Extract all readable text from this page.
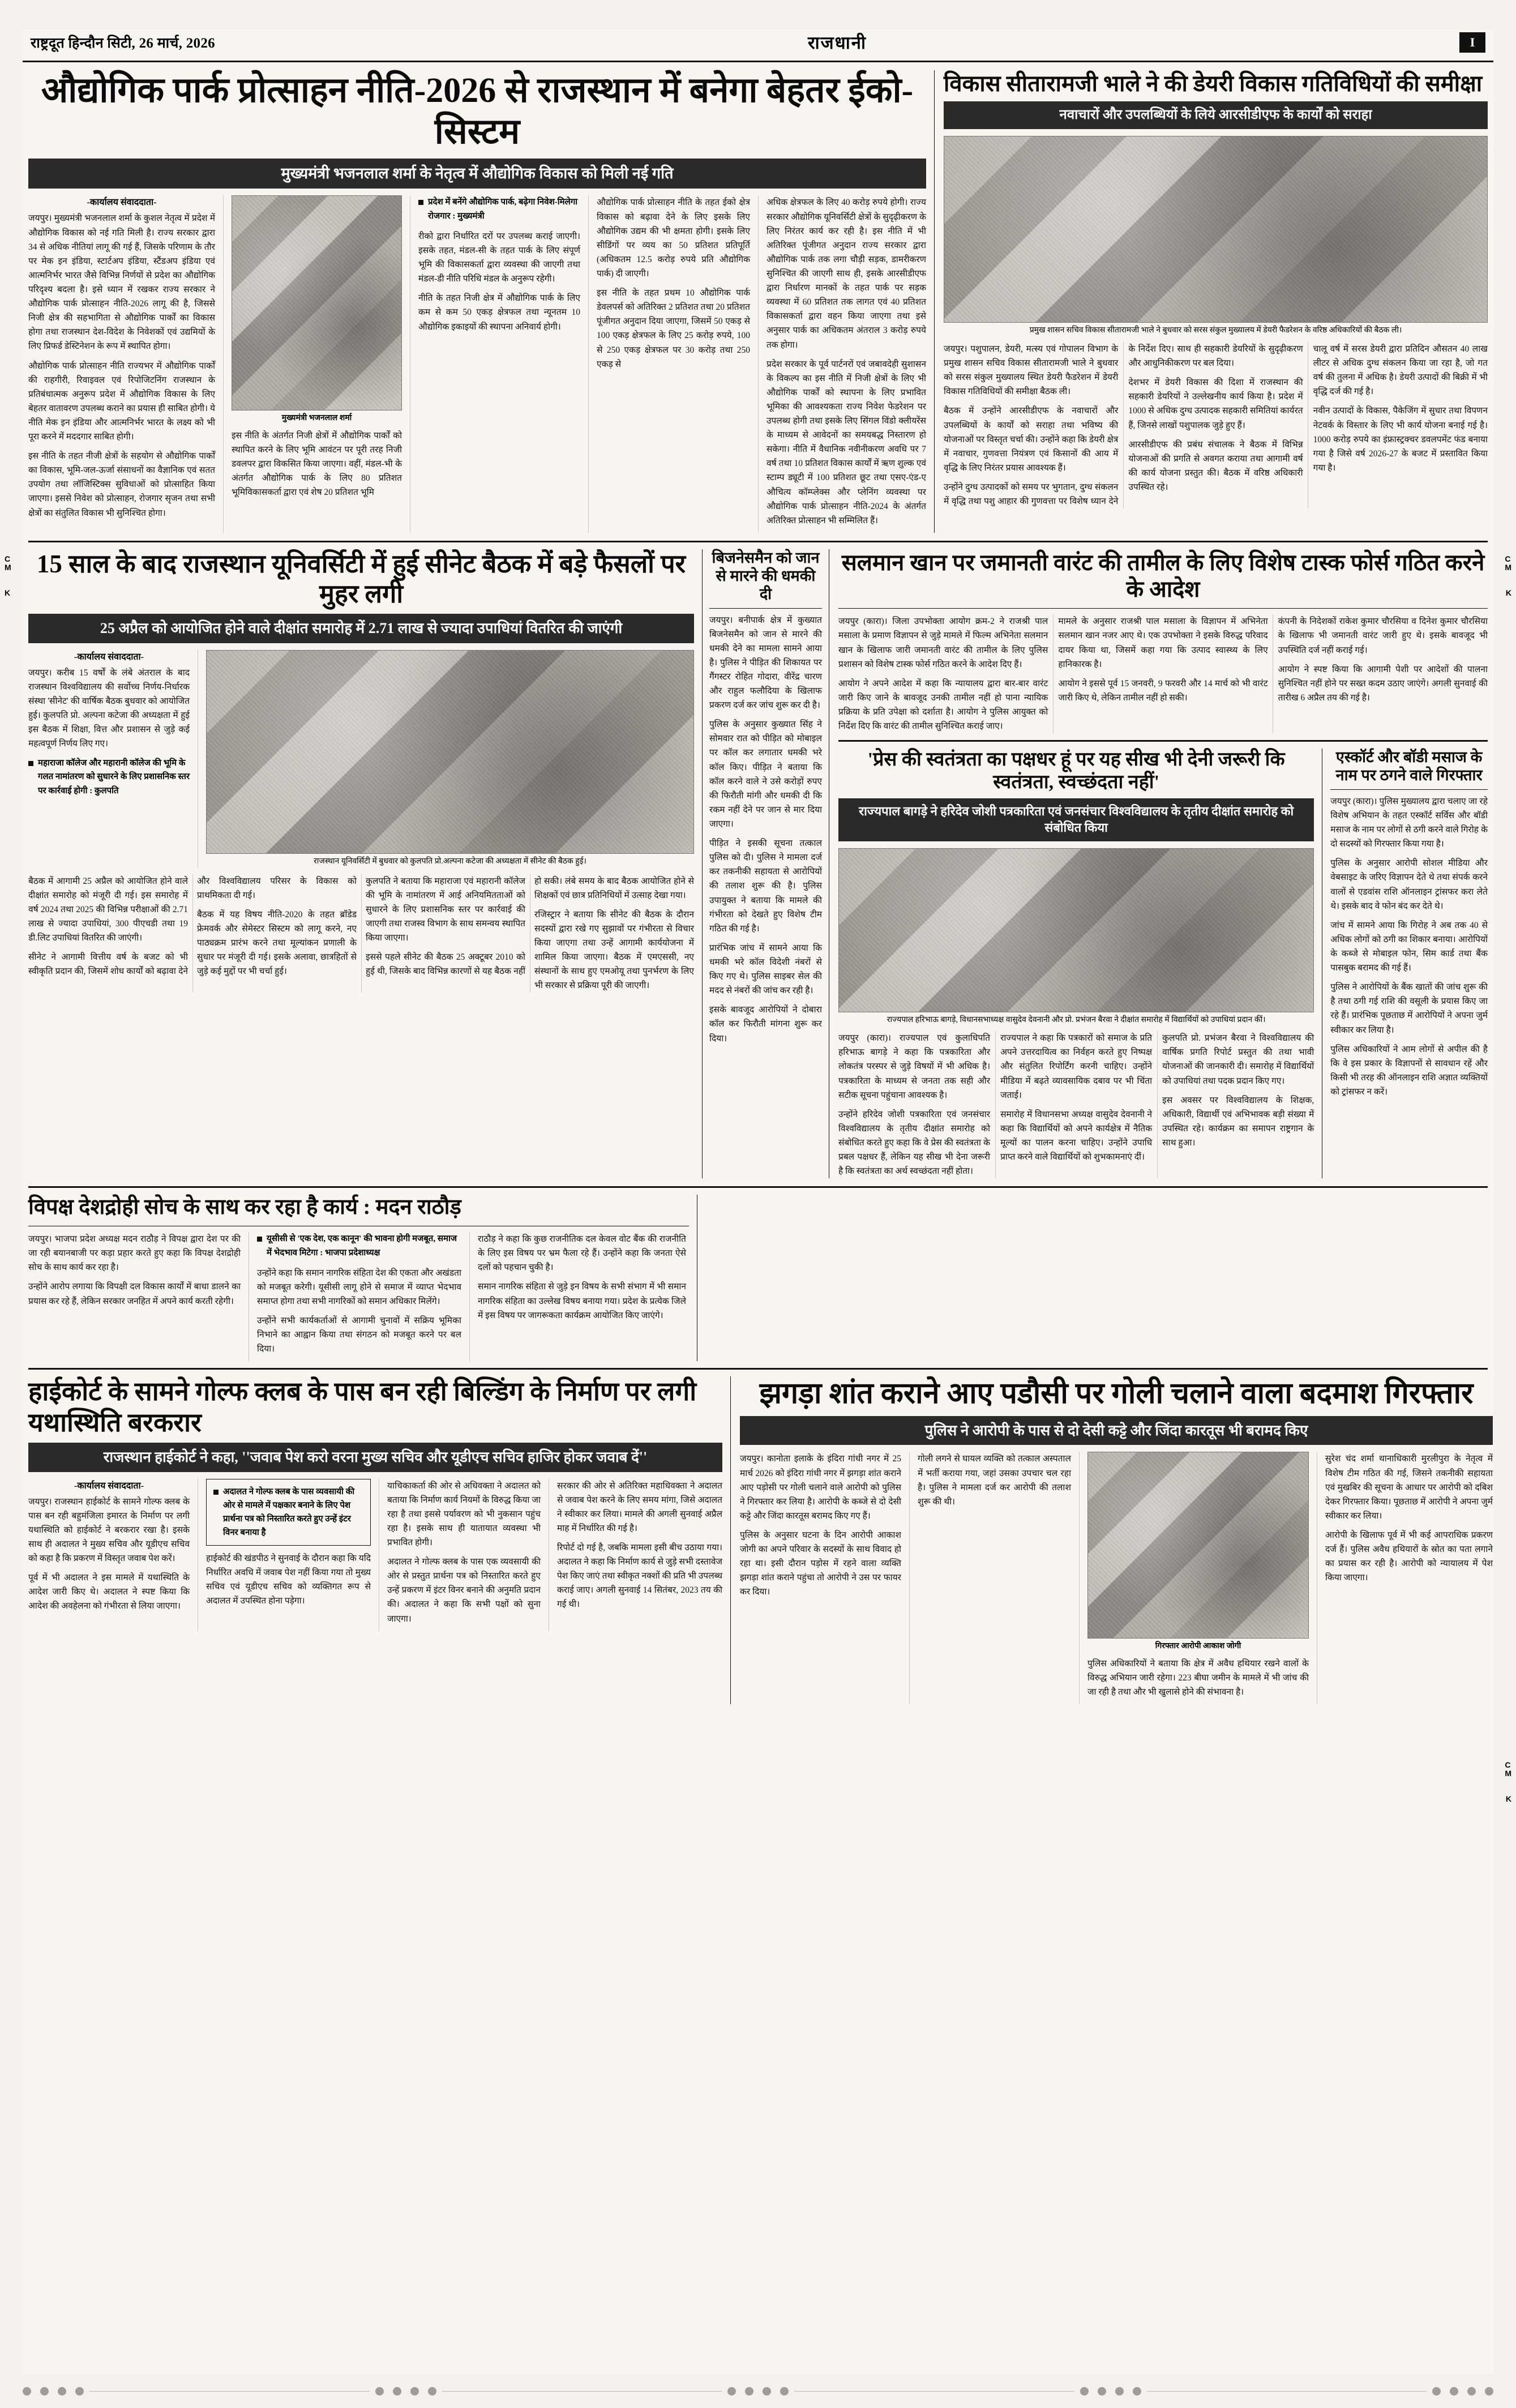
राष्ट्रदूत हिन्दौन सिटी, 26 मार्च, 2026	राजधानी	I
औद्योगिक पार्क प्रोत्साहन नीति-2026 से राजस्थान में बनेगा बेहतर ईको-सिस्टम
मुख्यमंत्री भजनलाल शर्मा के नेतृत्व में औद्योगिक विकास को मिली नई गति
-कार्यालय संवाददाता-

जयपुर। मुख्यमंत्री भजनलाल शर्मा के कुशल नेतृत्व में प्रदेश में औद्योगिक विकास को नई गति मिली है। राज्य सरकार द्वारा 34 से अधिक नीतियां लागू की गई हैं, जिसके परिणाम के तौर पर मेक इन इंडिया, स्टार्टअप इंडिया, स्टैंडअप इंडिया एवं आत्मनिर्भर भारत जैसे विभिन्न निर्णयों से प्रदेश का औद्योगिक परिदृश्य बदला है। इसे ध्यान में रखकर राज्य सरकार ने औद्योगिक पार्क प्रोत्साहन नीति-2026 लागू की है, जिससे निजी क्षेत्र की सहभागिता से औद्योगिक पार्कों का विकास होगा तथा राजस्थान देश-विदेश के निवेशकों एवं उद्यमियों के लिए प्रिफर्ड डेस्टिनेशन के रूप में स्थापित होगा।

औद्योगिक पार्क प्रोत्साहन नीति राज्यभर में औद्योगिक पार्कों की राहगीरी, रिवाइवल एवं रिपोजिटनिंग राजस्थान के प्रतिबंधात्मक अनुरूप प्रदेश में औद्योगिक विकास के लिए बेहतर वातावरण उपलब्ध कराने का प्रयास ही साबित होगी। ये नीति मेक इन इंडिया और आत्मनिर्भर भारत के लक्ष्य को भी पूरा करने में मददगार साबित होगी।

इस नीति के तहत नीजी क्षेत्रों के सहयोग से औद्योगिक पार्कों का विकास, भूमि-जल-ऊर्जा संसाधनों का वैज्ञानिक एवं सतत उपयोग तथा लॉजिस्टिक्स सुविधाओं को प्रोत्साहित किया जाएगा। इससे निवेश को प्रोत्साहन, रोजगार सृजन तथा सभी क्षेत्रों का संतुलित विकास भी सुनिश्चित होगा।

मुख्यमंत्री भजनलाल शर्मा

इस नीति के अंतर्गत निजी क्षेत्रों में औद्योगिक पार्कों को स्थापित करने के लिए भूमि आवंटन पर पूरी तरह निजी डवलपर द्वारा विकसित किया जाएगा। वहीं, मंडल-भी के अंतर्गत औद्योगिक पार्क के लिए 80 प्रतिशत भूमिविकासकर्ता द्वारा एवं शेष 20 प्रतिशत भूमि

प्रदेश में बनेंगे औद्योगिक पार्क, बढ़ेगा निवेश-मिलेगा रोजगार : मुख्यमंत्री

रीको द्वारा निर्धारित दरों पर उपलब्ध कराई जाएगी। इसके तहत, मंडल-सी के तहत पार्क के लिए संपूर्ण भूमि की विकासकर्ता द्वारा व्यवस्था की जाएगी तथा मंडल-डी नीति परिधि मंडल के अनुरूप रहेगी।

नीति के तहत निजी क्षेत्र में औद्योगिक पार्क के लिए कम से कम 50 एकड़ क्षेत्रफल तथा न्यूनतम 10 औद्योगिक इकाइयों की स्थापना अनिवार्य होगी।

औद्योगिक पार्क प्रोत्साहन नीति के तहत ईको क्षेत्र विकास को बढ़ावा देने के लिए इसके लिए औद्योगिक उद्यम की भी क्षमता होगी। इसके लिए सीडिंगों पर व्यय का 50 प्रतिशत प्रतिपूर्ति (अधिकतम 12.5 करोड़ रुपये प्रति औद्योगिक पार्क) दी जाएगी।

इस नीति के तहत प्रथम 10 औद्योगिक पार्क डेवलपर्स को अतिरिक्त 2 प्रतिशत तथा 20 प्रतिशत पूंजीगत अनुदान दिया जाएगा, जिसमें 50 एकड़ से 100 एकड़ क्षेत्रफल के लिए 25 करोड़ रुपये, 100 से 250 एकड़ क्षेत्रफल पर 30 करोड़ तथा 250 एकड़ से

अधिक क्षेत्रफल के लिए 40 करोड़ रुपये होगी। राज्य सरकार औद्योगिक यूनिवर्सिटी क्षेत्रों के सुदृढ़ीकरण के लिए निरंतर कार्य कर रही है। इस नीति में भी अतिरिक्त पूंजीगत अनुदान राज्य सरकार द्वारा औद्योगिक पार्क तक लगा चौड़ी सड़क, डामरीकरण सुनिश्चित की जाएगी साथ ही, इसके आरसीडीएफ द्वारा निर्धारण मानकों के तहत पार्क पर सड़क व्यवस्था में 60 प्रतिशत तक लागत एवं 40 प्रतिशत विकासकर्ता द्वारा वहन किया जाएगा तथा इसे अनुसार पार्क का अधिकतम अंतराल 3 करोड़ रुपये तक होगा।

प्रदेश सरकार के पूर्व पार्टनरों एवं जबावदेही सुशासन के विकल्प का इस नीति में निजी क्षेत्रों के लिए भी औद्योगिक पार्कों को स्थापना के लिए प्रभावित भूमिका की आवश्यकता राज्य निवेश फेडरेशन पर उपलब्ध होगी तथा इसके लिए सिंगल विंडो क्लीयरेंस के माध्यम से आवेदनों का समयबद्ध निस्तारण हो सकेगा। नीति में वैधानिक नवीनीकरण अवधि पर 7 वर्ष तथा 10 प्रतिशत विकास कार्यों में ऋण शुल्क एवं स्टाम्प ड्यूटी में 100 प्रतिशत छूट तथा एसए-एंड-ए औचित्य कॉम्प्लेक्स और प्लेनिंग व्यवस्था पर औद्योगिक पार्क प्रोत्साहन नीति-2024 के अंतर्गत अतिरिक्त प्रोत्साहन भी सम्मिलित हैं।

विकास सीतारामजी भाले ने की डेयरी विकास गतिविधियों की समीक्षा
नवाचारों और उपलब्धियों के लिये आरसीडीएफ के कार्यों को सराहा
प्रमुख शासन सचिव विकास सीतारामजी भाले ने बुधवार को सरस संकुल मुख्यालय में डेयरी फैडरेशन के वरिष्ठ अधिकारियों की बैठक ली।

जयपुर। पशुपालन, डेयरी, मत्स्य एवं गोपालन विभाग के प्रमुख शासन सचिव विकास सीतारामजी भाले ने बुधवार को सरस संकुल मुख्यालय स्थित डेयरी फैडरेशन में डेयरी विकास गतिविधियों की समीक्षा बैठक ली।

बैठक में उन्होंने आरसीडीएफ के नवाचारों और उपलब्धियों के कार्यों को सराहा तथा भविष्य की योजनाओं पर विस्तृत चर्चा की। उन्होंने कहा कि डेयरी क्षेत्र में नवाचार, गुणवत्ता नियंत्रण एवं किसानों की आय में वृद्धि के लिए निरंतर प्रयास आवश्यक हैं।

उन्होंने दुग्ध उत्पादकों को समय पर भुगतान, दुग्ध संकलन में वृद्धि तथा पशु आहार की गुणवत्ता पर विशेष ध्यान देने के निर्देश दिए। साथ ही सहकारी डेयरियों के सुदृढ़ीकरण और आधुनिकीकरण पर बल दिया।

देशभर में डेयरी विकास की दिशा में राजस्थान की सहकारी डेयरियों ने उल्लेखनीय कार्य किया है। प्रदेश में 1000 से अधिक दुग्ध उत्पादक सहकारी समितियां कार्यरत हैं, जिनसे लाखों पशुपालक जुड़े हुए हैं।

आरसीडीएफ की प्रबंध संचालक ने बैठक में विभिन्न योजनाओं की प्रगति से अवगत कराया तथा आगामी वर्ष की कार्य योजना प्रस्तुत की। बैठक में वरिष्ठ अधिकारी उपस्थित रहे।

चालू वर्ष में सरस डेयरी द्वारा प्रतिदिन औसतन 40 लाख लीटर से अधिक दुग्ध संकलन किया जा रहा है, जो गत वर्ष की तुलना में अधिक है। डेयरी उत्पादों की बिक्री में भी वृद्धि दर्ज की गई है।

नवीन उत्पादों के विकास, पैकेजिंग में सुधार तथा विपणन नेटवर्क के विस्तार के लिए भी कार्य योजना बनाई गई है। 1000 करोड़ रुपये का इंफ्रास्ट्रक्चर डवलपमेंट फंड बनाया गया है जिसे वर्ष 2026-27 के बजट में प्रस्तावित किया गया है।

15 साल के बाद राजस्थान यूनिवर्सिटी में हुई सीनेट बैठक में बड़े फैसलों पर मुहर लगी
25 अप्रैल को आयोजित होने वाले दीक्षांत समारोह में 2.71 लाख से ज्यादा उपाधियां वितरित की जाएंगी
-कार्यालय संवाददाता-

जयपुर। करीब 15 वर्षों के लंबे अंतराल के बाद राजस्थान विश्वविद्यालय की सर्वोच्च निर्णय-निर्धारक संस्था 'सीनेट' की वार्षिक बैठक बुधवार को आयोजित हुई। कुलपति प्रो. अल्पना कटेजा की अध्यक्षता में हुई इस बैठक में शिक्षा, वित्त और प्रशासन से जुड़े कई महत्वपूर्ण निर्णय लिए गए।

महाराजा कॉलेज और महारानी कॉलेज की भूमि के गलत नामांतरण को सुधारने के लिए प्रशासनिक स्तर पर कार्रवाई होगी : कुलपति
राजस्थान यूनिवर्सिटी में बुधवार को कुलपति प्रो.अल्पना कटेजा की अध्यक्षता में सीनेट की बैठक हुई।

बैठक में आगामी 25 अप्रैल को आयोजित होने वाले दीक्षांत समारोह को मंजूरी दी गई। इस समारोह में वर्ष 2024 तथा 2025 की विभिन्न परीक्षाओं की 2.71 लाख से ज्यादा उपाधियां, 300 पीएचडी तथा 19 डी.लिट उपाधियां वितरित की जाएंगी।

सीनेट ने आगामी वित्तीय वर्ष के बजट को भी स्वीकृति प्रदान की, जिसमें शोध कार्यों को बढ़ावा देने और विश्वविद्यालय परिसर के विकास को प्राथमिकता दी गई।

बैठक में यह विषय नीति-2020 के तहत ब्रॉडेड फ्रेमवर्क और सेमेस्टर सिस्टम को लागू करने, नए पाठ्यक्रम प्रारंभ करने तथा मूल्यांकन प्रणाली के सुधार पर मंजूरी दी गई। इसके अलावा, छात्रहितों से जुड़े कई मुद्दों पर भी चर्चा हुई।

कुलपति ने बताया कि महाराजा एवं महारानी कॉलेज की भूमि के नामांतरण में आई अनियमितताओं को सुधारने के लिए प्रशासनिक स्तर पर कार्रवाई की जाएगी तथा राजस्व विभाग के साथ समन्वय स्थापित किया जाएगा।

इससे पहले सीनेट की बैठक 25 अक्टूबर 2010 को हुई थी, जिसके बाद विभिन्न कारणों से यह बैठक नहीं हो सकी। लंबे समय के बाद बैठक आयोजित होने से शिक्षकों एवं छात्र प्रतिनिधियों में उत्साह देखा गया।

रजिस्ट्रार ने बताया कि सीनेट की बैठक के दौरान सदस्यों द्वारा रखे गए सुझावों पर गंभीरता से विचार किया जाएगा तथा उन्हें आगामी कार्ययोजना में शामिल किया जाएगा। बैठक में एमएससी, नए संस्थानों के साथ हुए एमओयू तथा पुनर्भरण के लिए भी सरकार से प्रक्रिया पूरी की जाएगी।

बिजनेसमैन को जान से मारने की धमकी दी

जयपुर। बनीपार्क क्षेत्र में कुख्यात बिजनेसमैन को जान से मारने की धमकी देने का मामला सामने आया है। पुलिस ने पीड़ित की शिकायत पर गैंगस्टर रोहित गोदारा, वीरेंद्र चारण और राहुल फलौदिया के खिलाफ प्रकरण दर्ज कर जांच शुरू कर दी है।

पुलिस के अनुसार कुख्यात सिंह ने सोमवार रात को पीड़ित को मोबाइल पर कॉल कर लगातार धमकी भरे कॉल किए। पीड़ित ने बताया कि कॉल करने वाले ने उसे करोड़ों रुपए की फिरौती मांगी और धमकी दी कि रकम नहीं देने पर जान से मार दिया जाएगा।

पीड़ित ने इसकी सूचना तत्काल पुलिस को दी। पुलिस ने मामला दर्ज कर तकनीकी सहायता से आरोपियों की तलाश शुरू की है। पुलिस उपायुक्त ने बताया कि मामले की गंभीरता को देखते हुए विशेष टीम गठित की गई है।

प्रारंभिक जांच में सामने आया कि धमकी भरे कॉल विदेशी नंबरों से किए गए थे। पुलिस साइबर सेल की मदद से नंबरों की जांच कर रही है।

इसके बावजूद आरोपियों ने दोबारा कॉल कर फिरौती मांगना शुरू कर दिया।

सलमान खान पर जमानती वारंट की तामील के लिए विशेष टास्क फोर्स गठित करने के आदेश

जयपुर (कारा)। जिला उपभोक्ता आयोग क्रम-2 ने राजश्री पाल मसाला के प्रमाण विज्ञापन से जुड़े मामले में फिल्म अभिनेता सलमान खान के खिलाफ जारी जमानती वारंट की तामील के लिए पुलिस प्रशासन को विशेष टास्क फोर्स गठित करने के आदेश दिए हैं।

आयोग ने अपने आदेश में कहा कि न्यायालय द्वारा बार-बार वारंट जारी किए जाने के बावजूद उनकी तामील नहीं हो पाना न्यायिक प्रक्रिया के प्रति उपेक्षा को दर्शाता है। आयोग ने पुलिस आयुक्त को निर्देश दिए कि वारंट की तामील सुनिश्चित कराई जाए।

मामले के अनुसार राजश्री पाल मसाला के विज्ञापन में अभिनेता सलमान खान नजर आए थे। एक उपभोक्ता ने इसके विरुद्ध परिवाद दायर किया था, जिसमें कहा गया कि उत्पाद स्वास्थ्य के लिए हानिकारक है।

आयोग ने इससे पूर्व 15 जनवरी, 9 फरवरी और 14 मार्च को भी वारंट जारी किए थे, लेकिन तामील नहीं हो सकी।

कंपनी के निदेशकों राकेश कुमार चौरसिया व दिनेश कुमार चौरसिया के खिलाफ भी जमानती वारंट जारी हुए थे। इसके बावजूद भी उपस्थिति दर्ज नहीं कराई गई।

आयोग ने स्पष्ट किया कि आगामी पेशी पर आदेशों की पालना सुनिश्चित नहीं होने पर सख्त कदम उठाए जाएंगे। अगली सुनवाई की तारीख 6 अप्रैल तय की गई है।

'प्रेस की स्वतंत्रता का पक्षधर हूं पर यह सीख भी देनी जरूरी कि स्वतंत्रता, स्वच्छंदता नहीं'
राज्यपाल बागड़े ने हरिदेव जोशी पत्रकारिता एवं जनसंचार विश्वविद्यालय के तृतीय दीक्षांत समारोह को संबोधित किया
राज्यपाल हरिभाऊ बागड़े, विधानसभाध्यक्ष वासुदेव देवनानी और प्रो. प्रभंजन बैरवा ने दीक्षांत समारोह में विद्यार्थियों को उपाधियां प्रदान कीं।

जयपुर (कारा)। राज्यपाल एवं कुलाधिपति हरिभाऊ बागड़े ने कहा कि पत्रकारिता और लोकतंत्र परस्पर से जुड़े विषयों में भी अधिक है। पत्रकारिता के माध्यम से जनता तक सही और सटीक सूचना पहुंचाना आवश्यक है।

उन्होंने हरिदेव जोशी पत्रकारिता एवं जनसंचार विश्वविद्यालय के तृतीय दीक्षांत समारोह को संबोधित करते हुए कहा कि वे प्रेस की स्वतंत्रता के प्रबल पक्षधर हैं, लेकिन यह सीख भी देना जरूरी है कि स्वतंत्रता का अर्थ स्वच्छंदता नहीं होता।

राज्यपाल ने कहा कि पत्रकारों को समाज के प्रति अपने उत्तरदायित्व का निर्वहन करते हुए निष्पक्ष और संतुलित रिपोर्टिंग करनी चाहिए। उन्होंने मीडिया में बढ़ते व्यावसायिक दबाव पर भी चिंता जताई।

समारोह में विधानसभा अध्यक्ष वासुदेव देवनानी ने कहा कि विद्यार्थियों को अपने कार्यक्षेत्र में नैतिक मूल्यों का पालन करना चाहिए। उन्होंने उपाधि प्राप्त करने वाले विद्यार्थियों को शुभकामनाएं दीं।

कुलपति प्रो. प्रभंजन बैरवा ने विश्वविद्यालय की वार्षिक प्रगति रिपोर्ट प्रस्तुत की तथा भावी योजनाओं की जानकारी दी। समारोह में विद्यार्थियों को उपाधियां तथा पदक प्रदान किए गए।

इस अवसर पर विश्वविद्यालय के शिक्षक, अधिकारी, विद्यार्थी एवं अभिभावक बड़ी संख्या में उपस्थित रहे। कार्यक्रम का समापन राष्ट्रगान के साथ हुआ।

एस्कॉर्ट और बॉडी मसाज के नाम पर ठगने वाले गिरफ्तार

जयपुर (कारा)। पुलिस मुख्यालय द्वारा चलाए जा रहे विशेष अभियान के तहत एस्कॉर्ट सर्विस और बॉडी मसाज के नाम पर लोगों से ठगी करने वाले गिरोह के दो सदस्यों को गिरफ्तार किया गया है।

पुलिस के अनुसार आरोपी सोशल मीडिया और वेबसाइट के जरिए विज्ञापन देते थे तथा संपर्क करने वालों से एडवांस राशि ऑनलाइन ट्रांसफर करा लेते थे। इसके बाद वे फोन बंद कर देते थे।

जांच में सामने आया कि गिरोह ने अब तक 40 से अधिक लोगों को ठगी का शिकार बनाया। आरोपियों के कब्जे से मोबाइल फोन, सिम कार्ड तथा बैंक पासबुक बरामद की गई हैं।

पुलिस ने आरोपियों के बैंक खातों की जांच शुरू की है तथा ठगी गई राशि की वसूली के प्रयास किए जा रहे हैं। प्रारंभिक पूछताछ में आरोपियों ने अपना जुर्म स्वीकार कर लिया है।

पुलिस अधिकारियों ने आम लोगों से अपील की है कि वे इस प्रकार के विज्ञापनों से सावधान रहें और किसी भी तरह की ऑनलाइन राशि अज्ञात व्यक्तियों को ट्रांसफर न करें।

विपक्ष देशद्रोही सोच के साथ कर रहा है कार्य : मदन राठौड़

जयपुर। भाजपा प्रदेश अध्यक्ष मदन राठौड़ ने विपक्ष द्वारा देश पर की जा रही बयानबाजी पर कड़ा प्रहार करते हुए कहा कि विपक्ष देशद्रोही सोच के साथ कार्य कर रहा है।

उन्होंने आरोप लगाया कि विपक्षी दल विकास कार्यों में बाधा डालने का प्रयास कर रहे हैं, लेकिन सरकार जनहित में अपने कार्य करती रहेगी।

यूसीसी से 'एक देश, एक कानून' की भावना होगी मजबूत, समाज में भेदभाव मिटेगा : भाजपा प्रदेशाध्यक्ष

उन्होंने कहा कि समान नागरिक संहिता देश की एकता और अखंडता को मजबूत करेगी। यूसीसी लागू होने से समाज में व्याप्त भेदभाव समाप्त होगा तथा सभी नागरिकों को समान अधिकार मिलेंगे।

उन्होंने सभी कार्यकर्ताओं से आगामी चुनावों में सक्रिय भूमिका निभाने का आह्वान किया तथा संगठन को मजबूत करने पर बल दिया।

राठौड़ ने कहा कि कुछ राजनीतिक दल केवल वोट बैंक की राजनीति के लिए इस विषय पर भ्रम फैला रहे हैं। उन्होंने कहा कि जनता ऐसे दलों को पहचान चुकी है।

समान नागरिक संहिता से जुड़े इन विषय के सभी संभाग में भी समान नागरिक संहिता का उल्लेख विषय बनाया गया। प्रदेश के प्रत्येक जिले में इस विषय पर जागरूकता कार्यक्रम आयोजित किए जाएंगे।

हाईकोर्ट के सामने गोल्फ क्लब के पास बन रही बिल्डिंग के निर्माण पर लगी यथास्थिति बरकरार
राजस्थान हाईकोर्ट ने कहा, ''जवाब पेश करो वरना मुख्य सचिव और यूडीएच सचिव हाजिर होकर जवाब दें''
-कार्यालय संवाददाता-

जयपुर। राजस्थान हाईकोर्ट के सामने गोल्फ क्लब के पास बन रही बहुमंजिला इमारत के निर्माण पर लगी यथास्थिति को हाईकोर्ट ने बरकरार रखा है। इसके साथ ही अदालत ने मुख्य सचिव और यूडीएच सचिव को कहा है कि प्रकरण में विस्तृत जवाब पेश करें।

पूर्व में भी अदालत ने इस मामले में यथास्थिति के आदेश जारी किए थे। अदालत ने स्पष्ट किया कि आदेश की अवहेलना को गंभीरता से लिया जाएगा।

अदालत ने गोल्फ क्लब के पास व्यवसायी की ओर से मामले में पक्षकार बनाने के लिए पेश प्रार्थना पत्र को निस्तारित करते हुए उन्हें इंटर विनर बनाया है

हाईकोर्ट की खंडपीठ ने सुनवाई के दौरान कहा कि यदि निर्धारित अवधि में जवाब पेश नहीं किया गया तो मुख्य सचिव एवं यूडीएच सचिव को व्यक्तिगत रूप से अदालत में उपस्थित होना पड़ेगा।

याचिकाकर्ता की ओर से अधिवक्ता ने अदालत को बताया कि निर्माण कार्य नियमों के विरुद्ध किया जा रहा है तथा इससे पर्यावरण को भी नुकसान पहुंच रहा है। इसके साथ ही यातायात व्यवस्था भी प्रभावित होगी।

अदालत ने गोल्फ क्लब के पास एक व्यवसायी की ओर से प्रस्तुत प्रार्थना पत्र को निस्तारित करते हुए उन्हें प्रकरण में इंटर विनर बनाने की अनुमति प्रदान की। अदालत ने कहा कि सभी पक्षों को सुना जाएगा।

सरकार की ओर से अतिरिक्त महाधिवक्ता ने अदालत से जवाब पेश करने के लिए समय मांगा, जिसे अदालत ने स्वीकार कर लिया। मामले की अगली सुनवाई अप्रैल माह में निर्धारित की गई है।

रिपोर्ट दो गई है, जबकि मामला इसी बीच उठाया गया। अदालत ने कहा कि निर्माण कार्य से जुड़े सभी दस्तावेज पेश किए जाएं तथा स्वीकृत नक्शों की प्रति भी उपलब्ध कराई जाए। अगली सुनवाई 14 सितंबर, 2023 तय की गई थी।

झगड़ा शांत कराने आए पडौसी पर गोली चलाने वाला बदमाश गिरफ्तार
पुलिस ने आरोपी के पास से दो देसी कट्टे और जिंदा कारतूस भी बरामद किए

जयपुर। कानोता इलाके के इंदिरा गांधी नगर में 25 मार्च 2026 को इंदिरा गांधी नगर में झगड़ा शांत कराने आए पड़ोसी पर गोली चलाने वाले आरोपी को पुलिस ने गिरफ्तार कर लिया है। आरोपी के कब्जे से दो देसी कट्टे और जिंदा कारतूस बरामद किए गए हैं।

पुलिस के अनुसार घटना के दिन आरोपी आकाश जोगी का अपने परिवार के सदस्यों के साथ विवाद हो रहा था। इसी दौरान पड़ोस में रहने वाला व्यक्ति झगड़ा शांत कराने पहुंचा तो आरोपी ने उस पर फायर कर दिया।

गोली लगने से घायल व्यक्ति को तत्काल अस्पताल में भर्ती कराया गया, जहां उसका उपचार चल रहा है। पुलिस ने मामला दर्ज कर आरोपी की तलाश शुरू की थी।

गिरफ्तार आरोपी आकाश जोगी

पुलिस अधिकारियों ने बताया कि क्षेत्र में अवैध हथियार रखने वालों के विरुद्ध अभियान जारी रहेगा। 223 बीघा जमीन के मामले में भी जांच की जा रही है तथा और भी खुलासे होने की संभावना है।

सुरेश चंद शर्मा थानाधिकारी मुरलीपुरा के नेतृत्व में विशेष टीम गठित की गई, जिसने तकनीकी सहायता एवं मुखबिर की सूचना के आधार पर आरोपी को दबिश देकर गिरफ्तार किया। पूछताछ में आरोपी ने अपना जुर्म स्वीकार कर लिया।

आरोपी के खिलाफ पूर्व में भी कई आपराधिक प्रकरण दर्ज हैं। पुलिस अवैध हथियारों के स्रोत का पता लगाने का प्रयास कर रही है। आरोपी को न्यायालय में पेश किया जाएगा।

C
M
K
C
M
K
C
M
K
